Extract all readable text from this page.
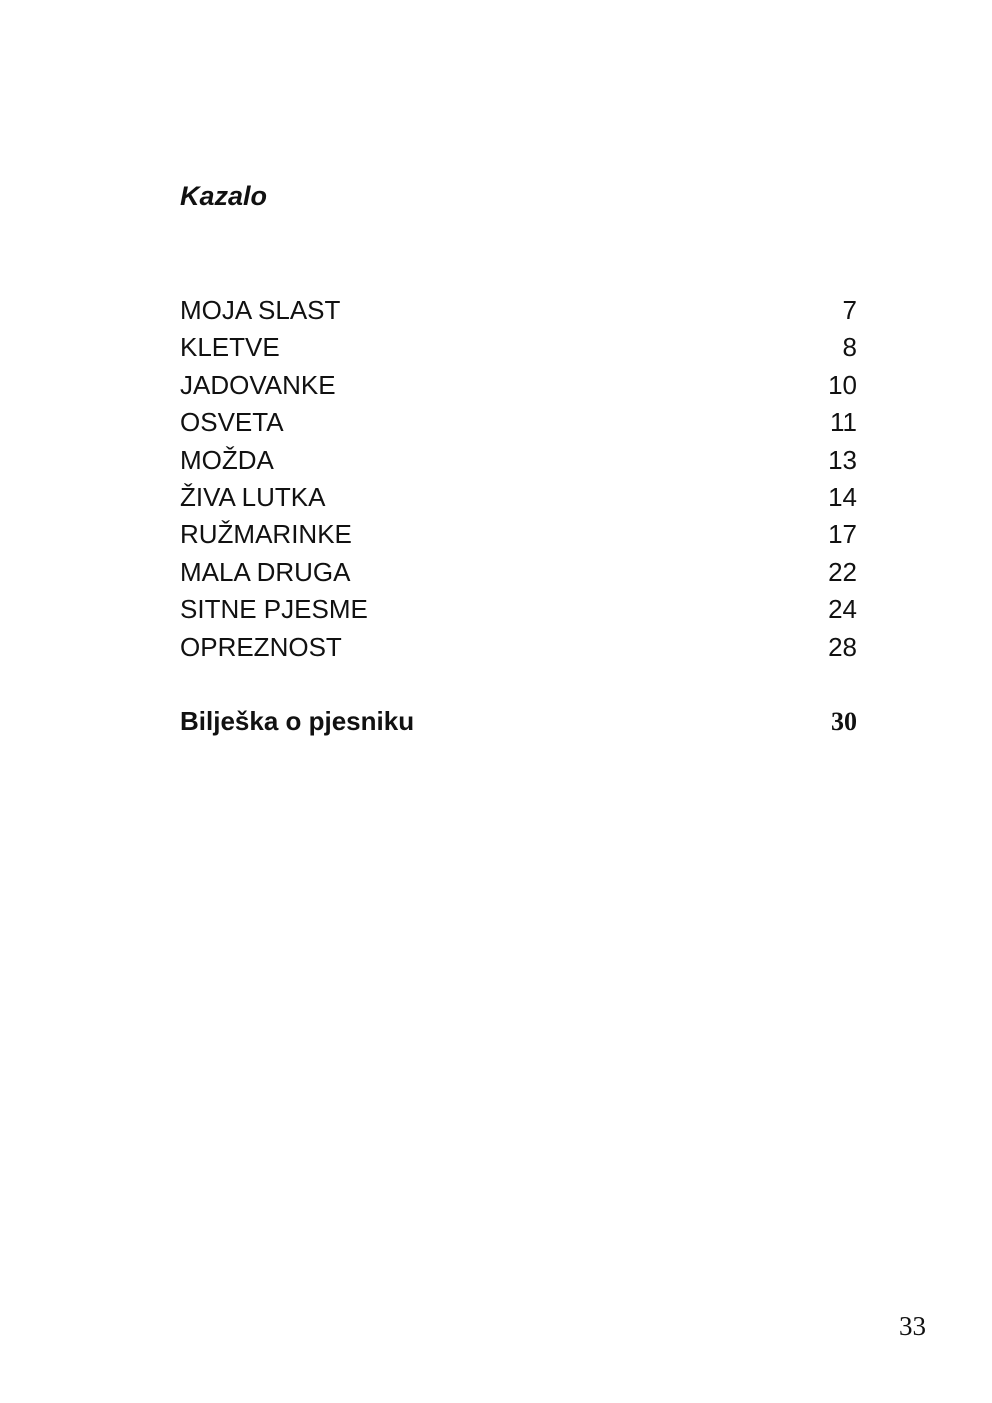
Kazalo
MOJA SLAST	7
KLETVE	8
JADOVANKE	10
OSVETA	11
MOŽDA	13
ŽIVA LUTKA	14
RUŽMARINKE	17
MALA DRUGA	22
SITNE PJESME	24
OPREZNOST	28
Bilješka o pjesniku	30
33
